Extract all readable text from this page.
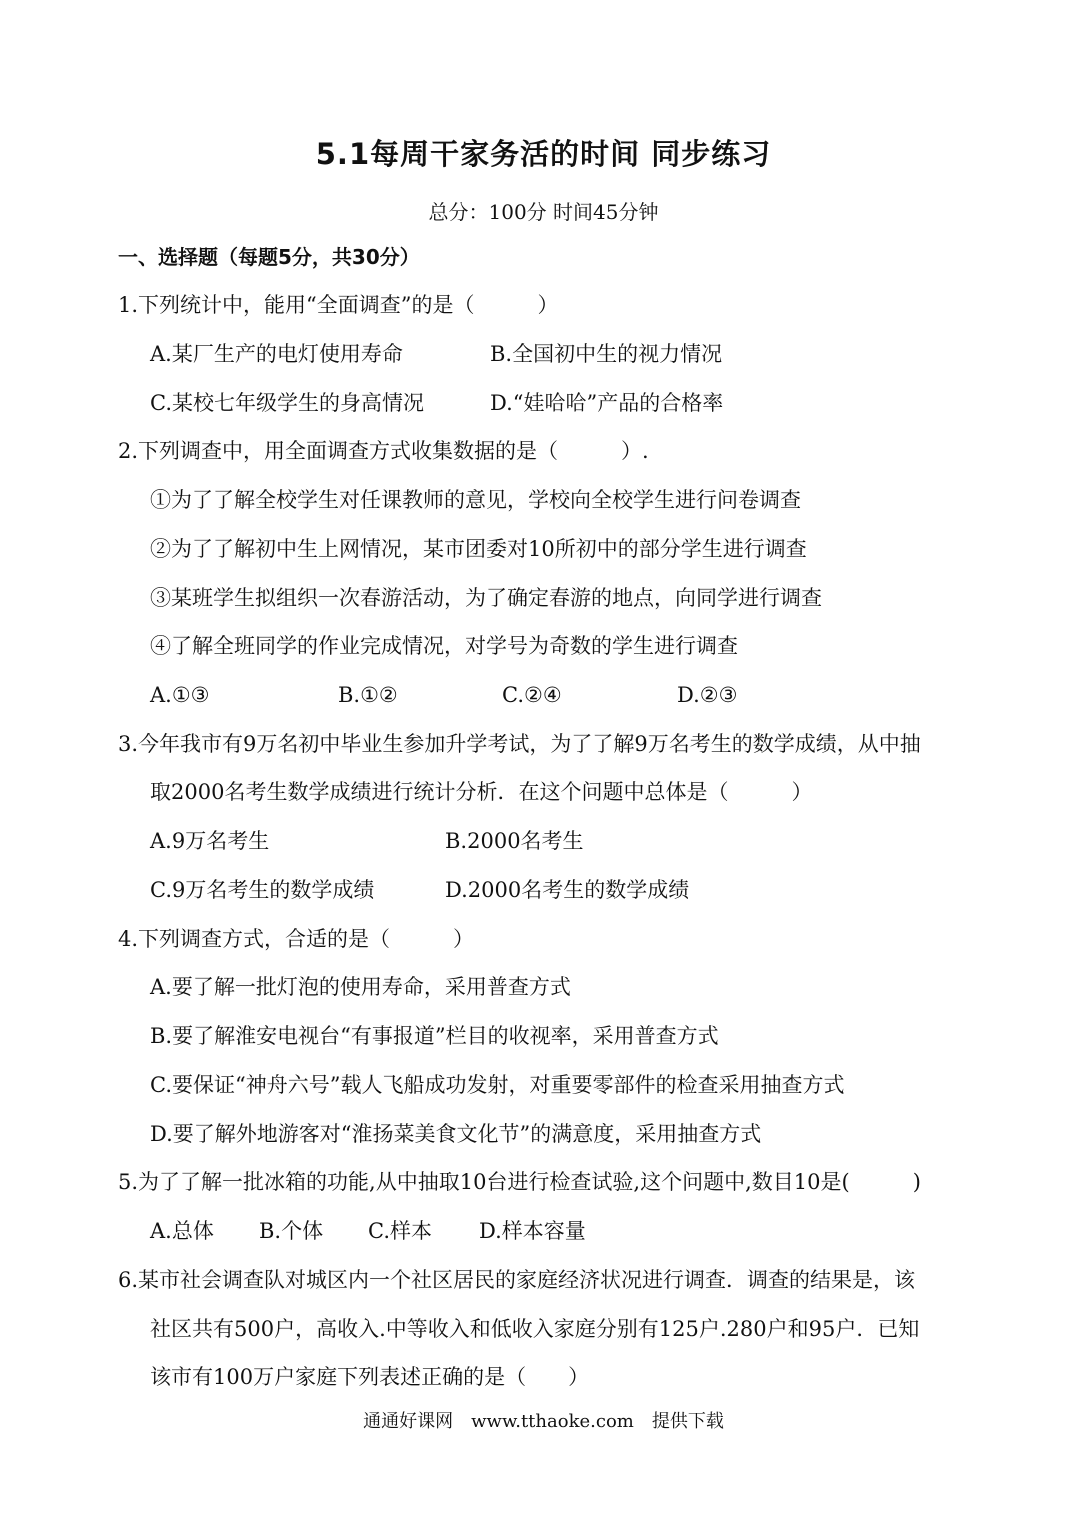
5.1每周干家务活的时间 同步练习
总分：100分 时间45分钟
一、选择题（每题5分，共30分）
1.下列统计中，能用“全面调查”的是（　　　）
A.某厂生产的电灯使用寿命	B.全国初中生的视力情况
C.某校七年级学生的身高情况	D.“娃哈哈”产品的合格率
2.下列调查中，用全面调查方式收集数据的是（　　　）.
①为了了解全校学生对任课教师的意见，学校向全校学生进行问卷调查
②为了了解初中生上网情况，某市团委对10所初中的部分学生进行调查
③某班学生拟组织一次春游活动，为了确定春游的地点，向同学进行调查
④了解全班同学的作业完成情况，对学号为奇数的学生进行调查
A.①③	B.①②	C.②④	D.②③
3.今年我市有9万名初中毕业生参加升学考试，为了了解9万名考生的数学成绩，从中抽
取2000名考生数学成绩进行统计分析．在这个问题中总体是（　　　）
A.9万名考生	B.2000名考生
C.9万名考生的数学成绩	D.2000名考生的数学成绩
4.下列调查方式，合适的是（　　　）
A.要了解一批灯泡的使用寿命，采用普查方式
B.要了解淮安电视台“有事报道”栏目的收视率，采用普查方式
C.要保证“神舟六号”载人飞船成功发射，对重要零部件的检查采用抽查方式
D.要了解外地游客对“淮扬菜美食文化节”的满意度，采用抽查方式
5.为了了解一批冰箱的功能,从中抽取10台进行检查试验,这个问题中,数目10是(　　　)
A.总体 B.个体 C.样本 D.样本容量
6.某市社会调查队对城区内一个社区居民的家庭经济状况进行调查．调查的结果是，该
社区共有500户，高收入.中等收入和低收入家庭分别有125户.280户和95户．已知
该市有100万户家庭下列表述正确的是（　　）
通通好课网　www.tthaoke.com　提供下载
